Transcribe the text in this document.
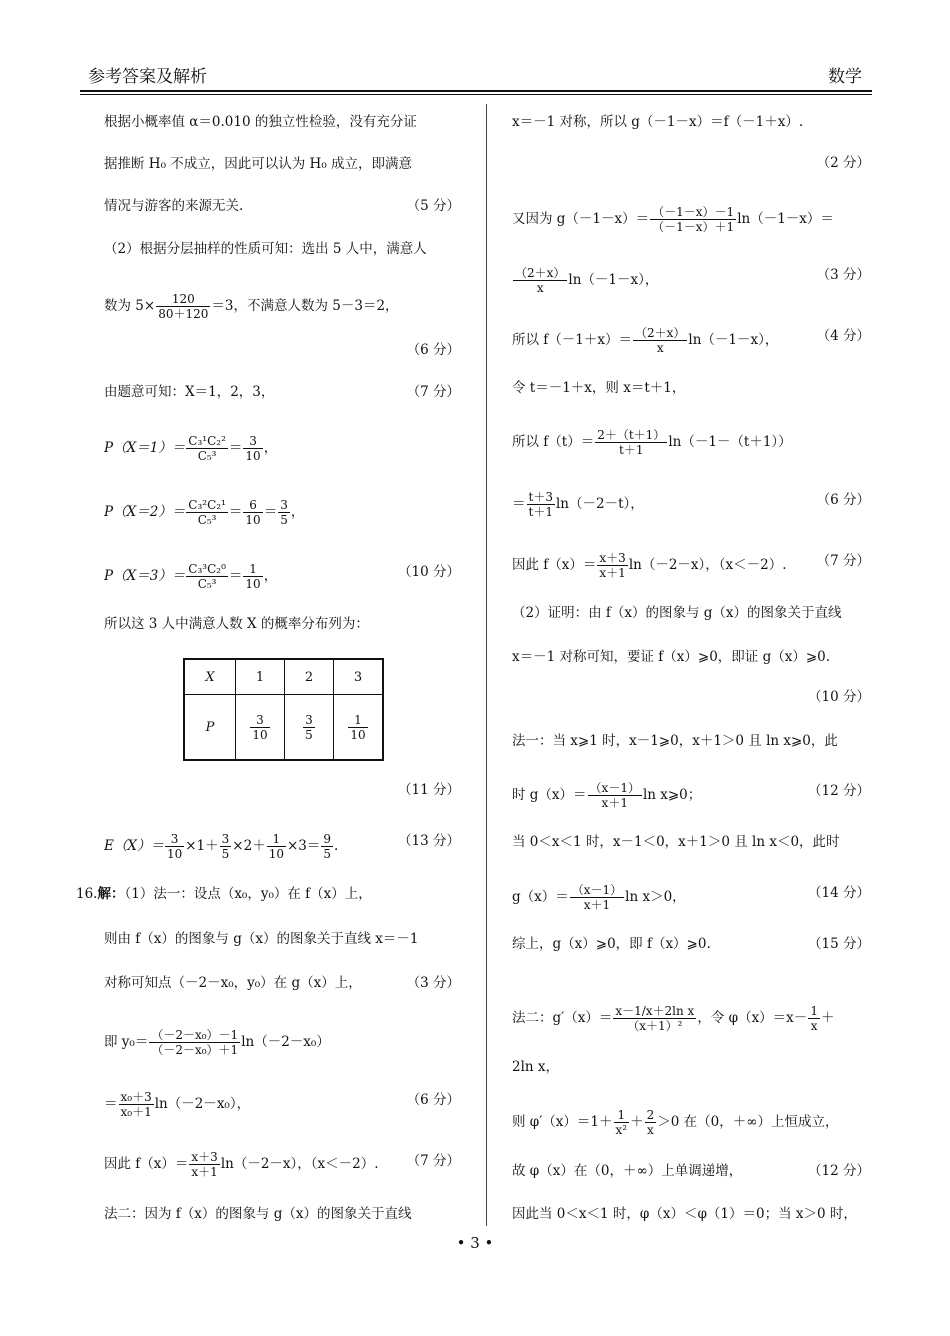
参考答案及解析	数学
根据小概率值 α＝0.010 的独立性检验，没有充分证
据推断 H₀ 不成立，因此可以认为 H₀ 成立，即满意
情况与游客的来源无关.	（5 分）
（2）根据分层抽样的性质可知：选出 5 人中，满意人
数为 $5\times \frac{120}{80+120} =3$，不满意人数为 5－3＝2，
（6 分）
由题意可知：X＝1，2，3，	（7 分）
$P(X=1)= \frac{\text{C₃¹C₂²}}{\text{C₅³}} = \frac{3}{10}$ ，
$P(X=2)= \frac{\text{C₃²C₂¹}}{\text{C₅³}} = \frac{6}{10} = \frac{3}{5}$ ，
$P(X=3)= \frac{\text{C₃³C₂⁰}}{\text{C₅³}} = \frac{1}{10}$ ，	（10 分）
所以这 3 人中满意人数 X 的概率分布列为：
X	1	2	3
P	$\frac{3}{10}$	$\frac{3}{5}$	$\frac{1}{10}$
（11 分）
$E(X)= \frac{3}{10} \times 1+ \frac{3}{5} \times 2+ \frac{1}{10} \times 3= \frac{9}{5}$ .	（13 分）
16.解：（1）法一：设点（x₀，y₀）在 f（x）上，
则由 f（x）的图象与 g（x）的图象关于直线 x＝－1
对称可知点（－2－x₀，y₀）在 g（x）上，	（3 分）
即 $y_0= \frac{\text{（－2－x₀）－1}}{\text{（－2－x₀）＋1}} \ln(-2-x_0)$
＝ $\frac{\text{x₀＋3}}{\text{x₀＋1}} \ln(-2-x_0)$，	（6 分）
因此 $f(x)= \frac{x+3}{x+1} \ln(-2-x)$，（x＜－2）. （7 分）
法二：因为 f（x）的图象与 g（x）的图象关于直线
x＝－1 对称，所以 g（－1－x）＝f（－1＋x）.
（2 分）
又因为 $g(-1-x)= \frac{(-1-x)-1}{(-1-x)+1} \ln(-1-x)=$
$\frac{(2+x)}{x} \ln(-1-x)$，	（3 分）
所以 $f(-1+x)= \frac{(2+x)}{x} \ln(-1-x)$，	（4 分）
令 t＝－1＋x，则 x＝t＋1，
所以 $f(t)= \frac{2+(t+1)}{t+1} \ln(-1-(t+1))$
＝ $\frac{t+3}{t+1} \ln(-2-t)$，	（6 分）
因此 $f(x)= \frac{x+3}{x+1} \ln(-2-x)$，（x＜－2）. （7 分）
（2）证明：由 f（x）的图象与 g（x）的图象关于直线
x＝－1 对称可知，要证 f（x）⩾0，即证 g（x）⩾0.
（10 分）
法一：当 x⩾1 时，x－1⩾0，x＋1＞0 且 ln x⩾0，此
时 $g(x)= \frac{(x-1)}{x+1}$ ln x⩾0；	（12 分）
当 0＜x＜1 时，x－1＜0，x＋1＞0 且 ln x＜0，此时
$g(x)= \frac{(x-1)}{x+1}$ ln x＞0，	（14 分）
综上，g（x）⩾0，即 f（x）⩾0.	（15 分）
法二：$g'(x)= \frac{\text{x－1/x＋2ln x}}{\text{（x＋1）²}}$ ，令 $\varphi(x)=x- \frac{1}{x}$ ＋
2ln x，
则 $\varphi'(x)=1+ \frac{1}{\text{x²}} + \frac{2}{x} >0$ 在（0，＋∞）上恒成立，
故 φ（x）在（0，＋∞）上单调递增，	（12 分）
因此当 0＜x＜1 时，φ（x）＜φ（1）＝0；当 x＞0 时，
• 3 •
